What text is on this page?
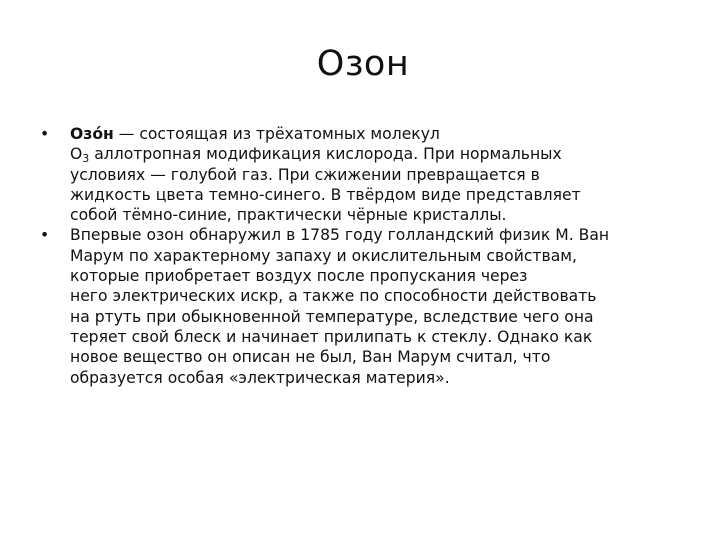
Озон
• Озо́н — состоящая из трёхатомных молекул
O3 аллотропная модификация кислорода. При нормальных
условиях — голубой газ. При сжижении превращается в
жидкость цвета темно-синего. В твёрдом виде представляет
собой тёмно-синие, практически чёрные кристаллы.
• Впервые озон обнаружил в 1785 году голландский физик М. Ван
Марум по характерному запаху и окислительным свойствам,
которые приобретает воздух после пропускания через
него электрических искр, а также по способности действовать
на ртуть при обыкновенной температуре, вследствие чего она
теряет свой блеск и начинает прилипать к стеклу. Однако как
новое вещество он описан не был, Ван Марум считал, что
образуется особая «электрическая материя».
